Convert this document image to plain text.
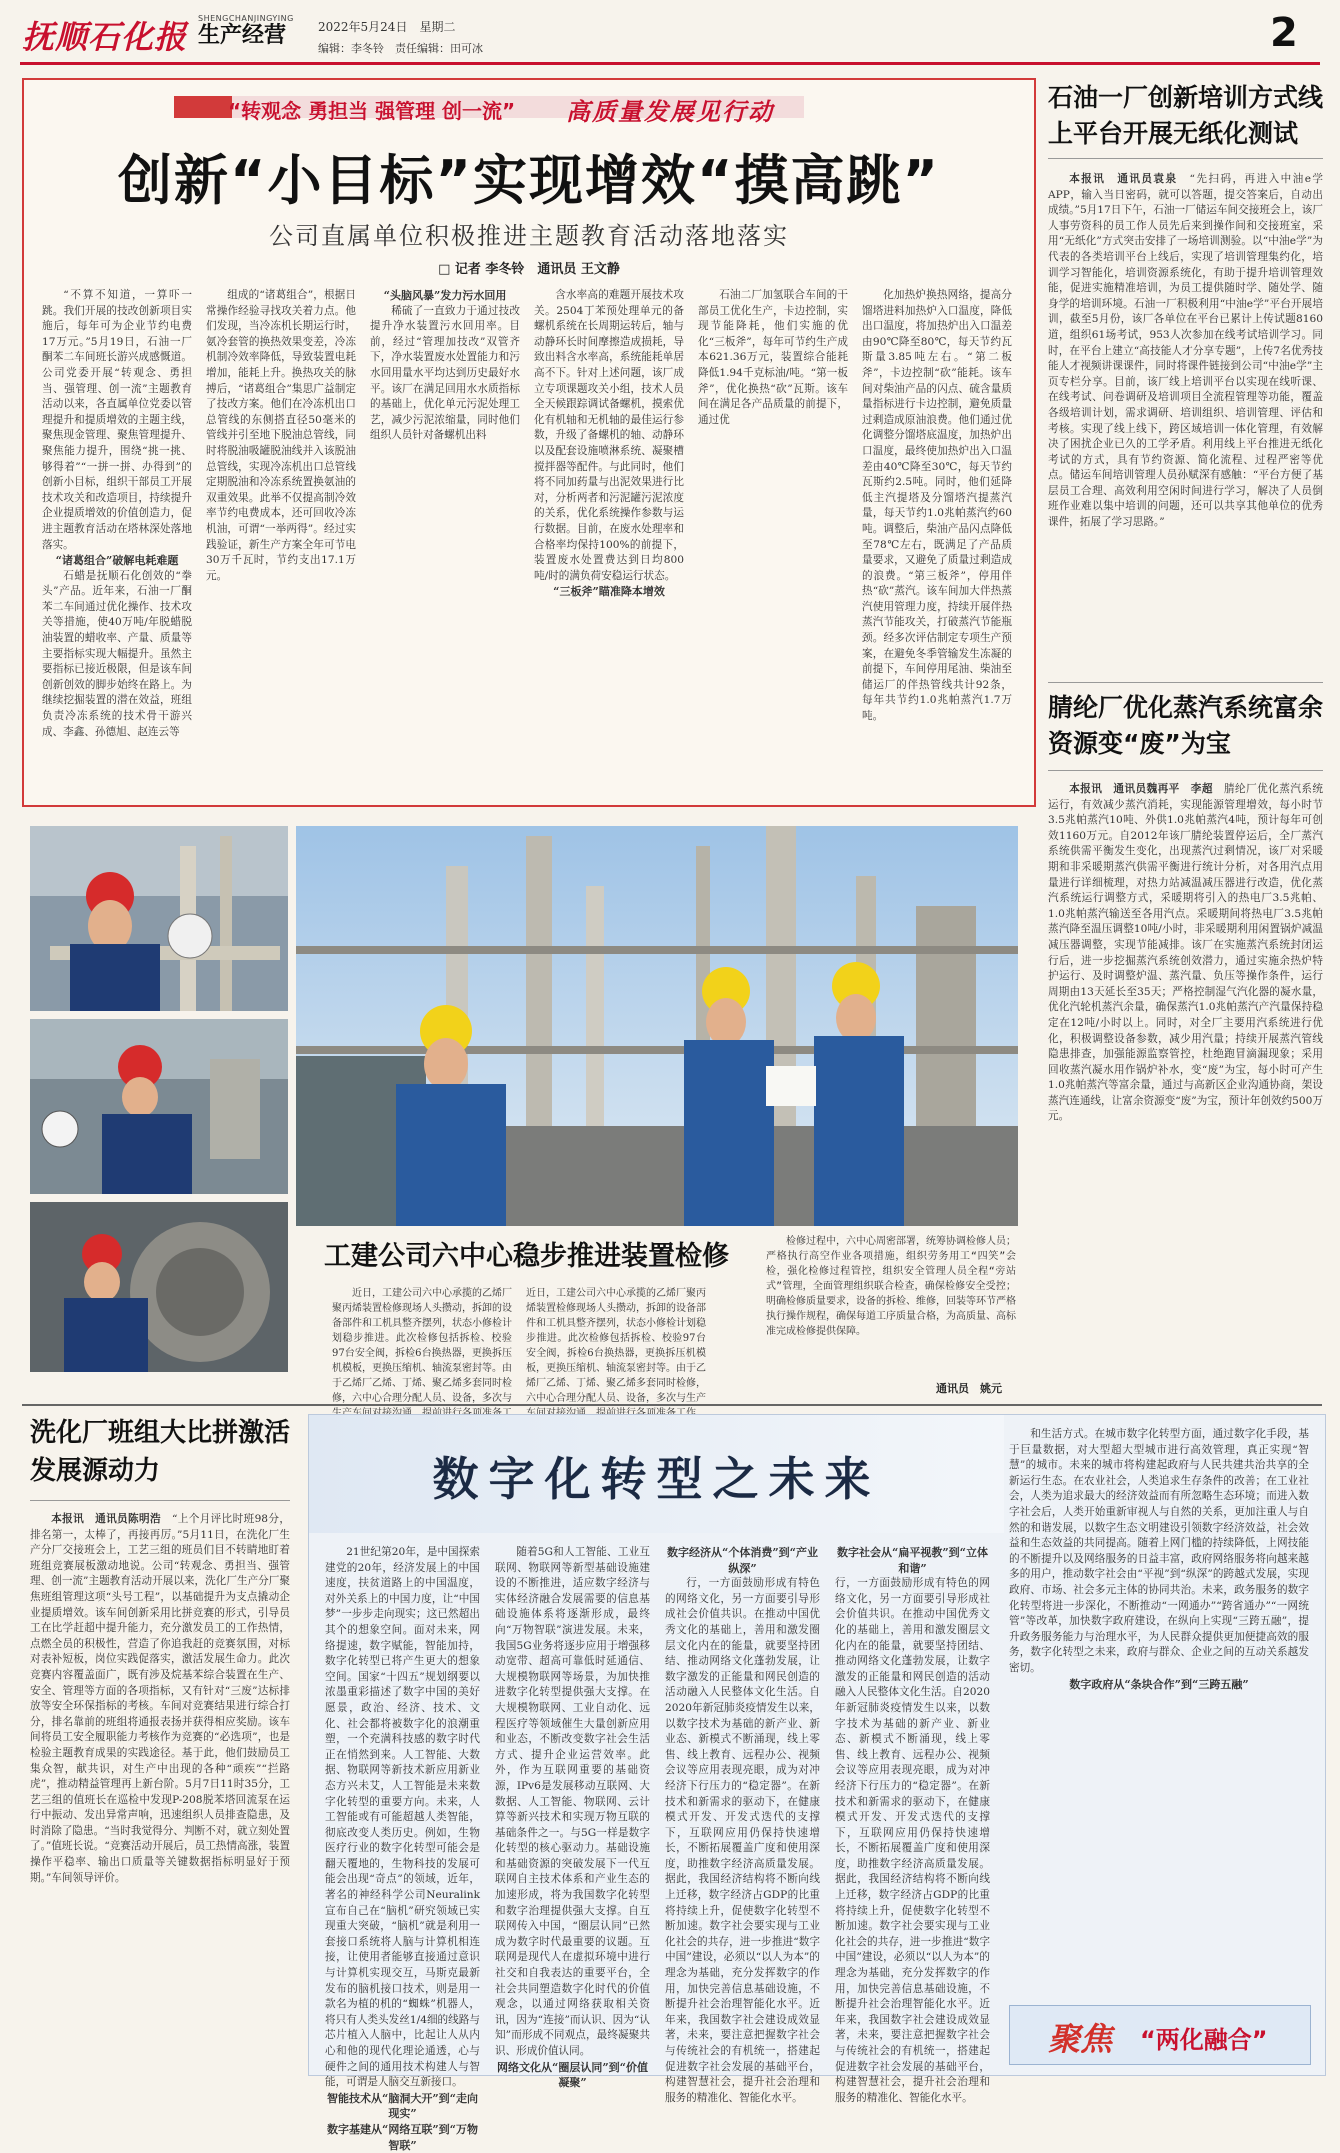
抚顺石化报 SHENGCHANJINGYING
生产经营	2022年5月24日　星期二
编辑：李冬铃　责任编辑：田可冰	2
“转观念 勇担当 强管理 创一流” 高质量发展见行动
创新“小目标”实现增效“摸高跳”
公司直属单位积极推进主题教育活动落地落实
□ 记者 李冬铃　通讯员 王文静

“不算不知道，一算吓一跳。我们开展的技改创新项目实施后，每年可为企业节约电费17万元。”5月19日，石油一厂酮苯二车间班长游兴成感慨道。公司党委开展“转观念、勇担当、强管理、创一流”主题教育活动以来，各直属单位党委以管理提升和提质增效的主题主线，聚焦现金管理、聚焦管理提升、聚焦能力提升，围绕“挑一挑、够得着”“一拼一拼、办得到”的创新小目标，组织干部员工开展技术攻关和改造项目，持续提升企业提质增效的价值创造力，促进主题教育活动在塔林深处落地落实。

“诸葛组合”破解电耗难题

石蜡是抚顺石化创效的“拳头”产品。近年来，石油一厂酮苯二车间通过优化操作、技术攻关等措施，使40万吨/年脱蜡脱油装置的蜡收率、产量、质量等主要指标实现大幅提升。虽然主要指标已接近极限，但是该车间创新创效的脚步始终在路上。为继续挖掘装置的潜在效益，班组负责冷冻系统的技术骨干游兴成、李鑫、孙德旭、赵连云等

组成的“诸葛组合”，根据日常操作经验寻找攻关着力点。他们发现，当冷冻机长期运行时，氨冷套管的换热效果变差，冷冻机制冷效率降低，导致装置电耗增加，能耗上升。换热攻关的脉搏后，“诸葛组合”集思广益制定了技改方案。他们在冷冻机出口总管线的东侧搭直径50毫米的管线并引至地下脱油总管线，同时将脱油吸罐脱油线并入该脱油总管线，实现冷冻机出口总管线定期脱油和冷冻系统置换氨油的双重效果。此举不仅提高制冷效率节约电费成本，还可回收冷冻机油，可谓“一举两得”。经过实践验证，新生产方案全年可节电30万千瓦时，节约支出17.1万元。

“头脑风暴”发力污水回用

稀硫了一直致力于通过技改提升净水装置污水回用率。目前，经过“管理加技改”双管齐下，净水装置废水处置能力和污水回用量水平均达到历史最好水平。该厂在满足回用水水质指标的基础上，优化单元污泥处理工艺，减少污泥浓缩量，同时他们组织人员针对备螺机出料

含水率高的难题开展技术攻关。2504丁苯预处理单元的备螺机系统在长周期运转后，轴与动静环长时间摩擦造成损耗，导致出料含水率高，系统能耗单居高不下。针对上述问题，该厂成立专项课题攻关小组，技术人员全天候跟踪调试备螺机，摸索优化有机轴和无机轴的最佳运行参数，升级了备螺机的轴、动静环以及配套设施喷淋系统、凝聚槽搅拌器等配件。与此同时，他们将不同加药量与出泥效果进行比对，分析两者和污泥罐污泥浓度的关系，优化系统操作参数与运行数据。目前，在废水处理率和合格率均保持100%的前提下，装置废水处置费达到日均800吨/时的满负荷安稳运行状态。

“三板斧”瞄准降本增效

石油二厂加氢联合车间的干部员工优化生产，卡边控制，实现节能降耗，他们实施的优化“三板斧”，每年可节约生产成本621.36万元，装置综合能耗降低1.94千克标油/吨。“第一板斧”，优化换热“砍”瓦斯。该车间在满足各产品质量的前提下，通过优

化加热炉换热网络，提高分馏塔进料加热炉入口温度，降低出口温度，将加热炉出入口温差由90℃降至80℃，每天节约瓦斯量3.85吨左右。“第二板斧”，卡边控制“砍”能耗。该车间对柴油产品的闪点、硫含量质量指标进行卡边控制，避免质量过剩造成原油浪费。他们通过优化调整分馏塔底温度，加热炉出口温度，最终使加热炉出入口温差由40℃降至30℃，每天节约瓦斯约2.5吨。同时，他们延降低主汽提塔及分馏塔汽提蒸汽量，每天节约1.0兆帕蒸汽约60吨。调整后，柴油产品闪点降低至78℃左右，既满足了产品质量要求，又避免了质量过剩造成的浪费。“第三板斧”，停用伴热“砍”蒸汽。该车间加大伴热蒸汽使用管理力度，持续开展伴热蒸汽节能攻关，打破蒸汽节能瓶颈。经多次评估制定专项生产预案，在避免冬季管输发生冻凝的前提下，车间停用尾油、柴油至储运厂的伴热管线共计92条，每年共节约1.0兆帕蒸汽1.7万吨。

石油一厂创新培训方式线上平台开展无纸化测试

本报讯　通讯员袁泉　 “先扫码，再进入中油e学APP，输入当日密码，就可以答题，提交答案后，自动出成绩。”5月17日下午，石油一厂储运车间交接班会上，该厂人事劳资科的员工作人员先后来到操作间和交接班室，采用“无纸化”方式突击安排了一场培训测验。以“中油e学”为代表的各类培训平台上线后，实现了培训管理集约化，培训学习智能化，培训资源系统化，有助于提升培训管理效能，促进实施精准培训，为员工提供随时学、随处学、随身学的培训环境。石油一厂积极利用“中油e学”平台开展培训，截至5月份，该厂各单位在平台已累计上传试题8160道，组织61场考试，953人次参加在线考试培训学习。同时，在平台上建立“高技能人才分享专题”，上传7名优秀技能人才视频讲课课件，同时将课件链接到公司“中油e学”主页专栏分享。目前，该厂线上培训平台以实现在线听课、在线考试、问卷调研及培训项目全流程管理等功能，覆盖各级培训计划，需求调研、培训组织、培训管理、评估和考核。实现了线上线下，跨区域培训一体化管理，有效解决了困扰企业已久的工学矛盾。利用线上平台推进无纸化考试的方式，具有节约资源、简化流程、过程严密等优点。储运车间培训管理人员孙赋深有感触：“平台方便了基层员工合理、高效利用空闲时间进行学习，解决了人员倒班作业难以集中培训的问题，还可以共享其他单位的优秀课件，拓展了学习思路。”

腈纶厂优化蒸汽系统富余资源变“废”为宝

本报讯　通讯员魏再平　李超　 腈纶厂优化蒸汽系统运行，有效减少蒸汽消耗，实现能源管理增效，每小时节3.5兆帕蒸汽10吨、外供1.0兆帕蒸汽4吨，预计每年可创效1160万元。自2012年该厂腈纶装置停运后，全厂蒸汽系统供需平衡发生变化，出现蒸汽过剩情况，该厂对采暖期和非采暖期蒸汽供需平衡进行统计分析，对各用汽点用量进行详细梳理，对热力站减温减压器进行改造，优化蒸汽系统运行调整方式，采暖期将引入的热电厂3.5兆帕、1.0兆帕蒸汽输送至各用汽点。采暖期间将热电厂3.5兆帕蒸汽降至温压调整10吨/小时，非采暖期利用闲置锅炉减温减压器调整，实现节能减排。该厂在实施蒸汽系统封闭运行后，进一步挖掘蒸汽系统创效潜力，通过实施余热炉特护运行、及时调整炉温、蒸汽量、负压等操作条件，运行周期由13天延长至35天；严格控制湿气汽化器的凝水量，优化汽轮机蒸汽余量，确保蒸汽1.0兆帕蒸汽产汽量保持稳定在12吨/小时以上。同时，对全厂主要用汽系统进行优化，积极调整设备参数，减少用汽量；持续开展蒸汽管线隐患排查，加强能源监察管控，杜绝跑冒滴漏现象；采用回收蒸汽凝水用作锅炉补水，变“废”为宝，每小时可产生1.0兆帕蒸汽等富余量，通过与高新区企业沟通协商，架设蒸汽连通线，让富余资源变“废”为宝，预计年创效约500万元。

工建公司六中心稳步推进装置检修

近日，工建公司六中心承揽的乙烯厂聚丙烯装置检修现场人头攒动，拆卸的设备部件和工机具整齐摆列，状态小修检计划稳步推进。此次检修包括拆检、校验97台安全阀，拆检6台换热器，更换拆压机模板，更换压缩机、轴流泵密封等。由于乙烯厂乙烯、丁烯、聚乙烯多套同时检修，六中心合理分配人员、设备，多次与

近日，工建公司六中心承揽的乙烯厂聚丙烯装置检修现场人头攒动，拆卸的设备部件和工机具整齐摆列，状态小修检计划稳步推进。此次检修包括拆检、校验97台安全阀，拆检6台换热器，更换拆压机模板，更换压缩机、轴流泵密封等。由于乙烯厂乙烯、丁烯、聚乙烯多套同时检修，六中心合理分配人员、设备，多次与生产

检修过程中，六中心周密部署，统筹协调检修人员；严格执行高空作业各项措施，组织劳务用工“四笑”会检，强化检修过程管控，组织安全管理人员全程“旁站式”管理，全面管理组织联合检查，确保检修安全受控；明确检修质量要求，设备的拆检、维修，回装等环节严格执行操作规程，确保每道工序质量合格，为高质量、高标准完成检修提供保障。

通讯员　姚元
洗化厂班组大比拼激活发展源动力

本报讯　通讯员陈明浩　 “上个月评比时班98分，排名第一，太棒了，再接再厉。”5月11日，在洗化厂生产分厂交接班会上，工艺三组的班员们目不转睛地盯着班组竞赛展板激动地说。公司“转观念、勇担当、强管理、创一流”主题教育活动开展以来，洗化厂生产分厂聚焦班组管理这项“头号工程”，以基础提升为支点撬动企业提质增效。该车间创新采用比拼竞赛的形式，引导员工在比学赶超中提升能力，充分激发员工的工作热情，点燃全员的积极性，营造了你追我赶的竞赛氛围，对标对表补短板，岗位实践促落实，激活发展生命力。此次竞赛内容覆盖面广，既有涉及烷基苯综合装置在生产、安全、管理等方面的各项指标，又有针对“三废”达标排放等安全环保指标的考核。车间对竞赛结果进行综合打分，排名靠前的班组将通报表扬并获得相应奖励。该车间将员工安全履职能力考核作为竞赛的“必选项”，也是检验主题教育成果的实践途径。基于此，他们鼓励员工集众智，献共识，对生产中出现的各种“顽疾”“拦路虎”，推动精益管理再上新台阶。5月7日11时35分，工艺三组的值班长在巡检中发现P-208脱苯塔回流泵在运行中振动、发出异常声响，迅速组织人员排查隐患，及时消除了隐患。“当时我觉得分、判断不对，就立刻处置了。”值班长说。“竞赛活动开展后，员工热情高涨，装置操作平稳率、输出口质量等关键数据指标明显好于预期。”车间领导评价。

数字化转型之未来

21世纪第20年，是中国探索建党的20年，经济发展上的中国速度，扶贫道路上的中国温度，对外关系上的中国力度，让“中国梦”一步步走向现实；这已然超出其个的想象空间。面对未来，网络提速，数字赋能，智能加持，数字化转型已将产生更大的想象空间。国家“十四五”规划纲要以浓墨重彩描述了数字中国的美好愿景，政治、经济、技术、文化、社会都将被数字化的浪潮重塑，一个充满科技感的数字时代正在悄然到来。人工智能、大数据、物联网等新技术新应用新业态方兴未艾，人工智能是未来数字化转型的重要方向。未来，人工智能或有可能超越人类智能，彻底改变人类历史。例如，生物医疗行业的数字化转型可能会是翻天覆地的，生物科技的发展可能会出现“奇点”的领域，近年，著名的神经科学公司Neuralink宣布自己在“脑机”研究领域已实现重大突破，“脑机”就是利用一套接口系统将人脑与计算机相连接，让使用者能够直接通过意识与计算机实现交互，马斯克最新发布的脑机接口技术，则是用一款名为植的机的“蜘蛛”机器人，将只有人类头发丝1/4细的线路与芯片植入人脑中，比起让人从内心和他的现代化理论通透，心与硬件之间的通用技术构建人与智能，可谓是人脑交互新接口。

智能技术从“脑洞大开”到“走向现实”

数字基建从“网络互联”到“万物智联”

随着5G和人工智能、工业互联网、物联网等新型基础设施建设的不断推进，适应数字经济与实体经济融合发展需要的信息基础设施体系将逐渐形成，最终向“万物智联”演进发展。未来，我国5G业务将逐步应用于增强移动宽带、超高可靠低时延通信、大规模物联网等场景，为加快推进数字化转型提供强大支撑。在大规模物联网、工业自动化、远程医疗等领域催生大量创新应用和业态，不断改变数字社会生活方式、提升企业运营效率。此外，作为互联网重要的基础资源，IPv6是发展移动互联网、大数据、人工智能、物联网、云计算等新兴技术和实现万物互联的基础条件之一。与5G一样是数字化转型的核心驱动力。基础设施和基础资源的突破发展下一代互联网自主技术体系和产业生态的加速形成，将为我国数字化转型和数字治理提供强大支撑。自互联网传入中国，“圈层认同”已然成为数字时代最重要的议题。互联网是现代人在虚拟环境中进行社交和自我表达的重要平台，全社会共同塑造数字化时代的价值观念，以通过网络获取相关资讯，因为“连接”而认识、因为“认知”而形成不同观点，最终凝聚共识、形成价值认同。

网络文化从“圈层认同”到“价值凝聚”

数字经济从“个体消费”到“产业纵深”

行，一方面鼓励形成有特色的网络文化，另一方面要引导形成社会价值共识。在推动中国优秀文化的基础上，善用和激发圈层文化内在的能量，就要坚持团结、推动网络文化蓬勃发展，让数字激发的正能量和网民创造的活动融入人民整体文化生活。自2020年新冠肺炎疫情发生以来，以数字技术为基础的新产业、新业态、新模式不断涌现，线上零售、线上教育、远程办公、视频会议等应用表现亮眼，成为对冲经济下行压力的“稳定器”。在新技术和新需求的驱动下，在健康模式开发、开发式迭代的支撑下，互联网应用仍保持快速增长，不断拓展覆盖广度和使用深度，助推数字经济高质量发展。据此，我国经济结构将不断向线上迁移，数字经济占GDP的比重将持续上升，促使数字化转型不断加速。数字社会要实现与工业化社会的共存，进一步推进“数字中国”建设，必须以“以人为本”的理念为基础，充分发挥数字的作用，加快完善信息基础设施，不断提升社会治理智能化水平。近年来，我国数字社会建设成效显著，未来，要注意把握数字社会与传统社会的有机统一，搭建起促进数字社会发展的基础平台，构建智慧社会，提升社会治理和服务的精准化、智能化水平。

数字社会从“扁平视教”到“立体和谐”

行，一方面鼓励形成有特色的网络文化，另一方面要引导形成社会价值共识。在推动中国优秀文化的基础上，善用和激发圈层文化内在的能量，就要坚持团结、推动网络文化蓬勃发展，让数字激发的正能量和网民创造的活动融入人民整体文化生活。自2020年新冠肺炎疫情发生以来，以数字技术为基础的新产业、新业态、新模式不断涌现，线上零售、线上教育、远程办公、视频会议等应用表现亮眼，成为对冲经济下行压力的“稳定器”。在新技术和新需求的驱动下，在健康模式开发、开发式迭代的支撑下，互联网应用仍保持快速增长，不断拓展覆盖广度和使用深度，助推数字经济高质量发展。据此，我国经济结构将不断向线上迁移，数字经济占GDP的比重将持续上升，促使数字化转型不断加速。数字社会要实现与工业化社会的共存，进一步推进“数字中国”建设，必须以“以人为本”的理念为基础，充分发挥数字的作用，加快完善信息基础设施，不断提升社会治理智能化水平。近年来，我国数字社会建设成效显著，未来，要注意把握数字社会与传统社会的有机统一，搭建起促进数字社会发展的基础平台，构建智慧社会，提升社会治理和服务的精准化、智能化水平。

和生活方式。在城市数字化转型方面，通过数字化手段，基于巨量数据，对大型超大型城市进行高效管理，真正实现“智慧”的城市。未来的城市将构建起政府与人民共建共治共享的全新运行生态。在农业社会，人类追求生存条件的改善；在工业社会，人类为追求最大的经济效益而有所忽略生态环境；而进入数字社会后，人类开始重新审视人与自然的关系，更加注重人与自然的和谐发展，以数字生态文明建设引领数字经济效益，社会效益和生态效益的共同提高。随着上网门槛的持续降低，上网技能的不断提升以及网络服务的日益丰富，政府网络服务将向越来越多的用户，推动数字社会由“平视”到“纵深”的跨越式发展，实现政府、市场、社会多元主体的协同共治。未来，政务服务的数字化转型将进一步深化，不断推动“一网通办”“跨省通办”“一网统管”等改革，加快数字政府建设，在纵向上实现“三跨五融”，提升政务服务能力与治理水平，为人民群众提供更加便捷高效的服务，数字化转型之未来，政府与群众、企业之间的互动关系越发密切。

数字政府从“条块合作”到“三跨五融”

聚焦 “两化融合”
